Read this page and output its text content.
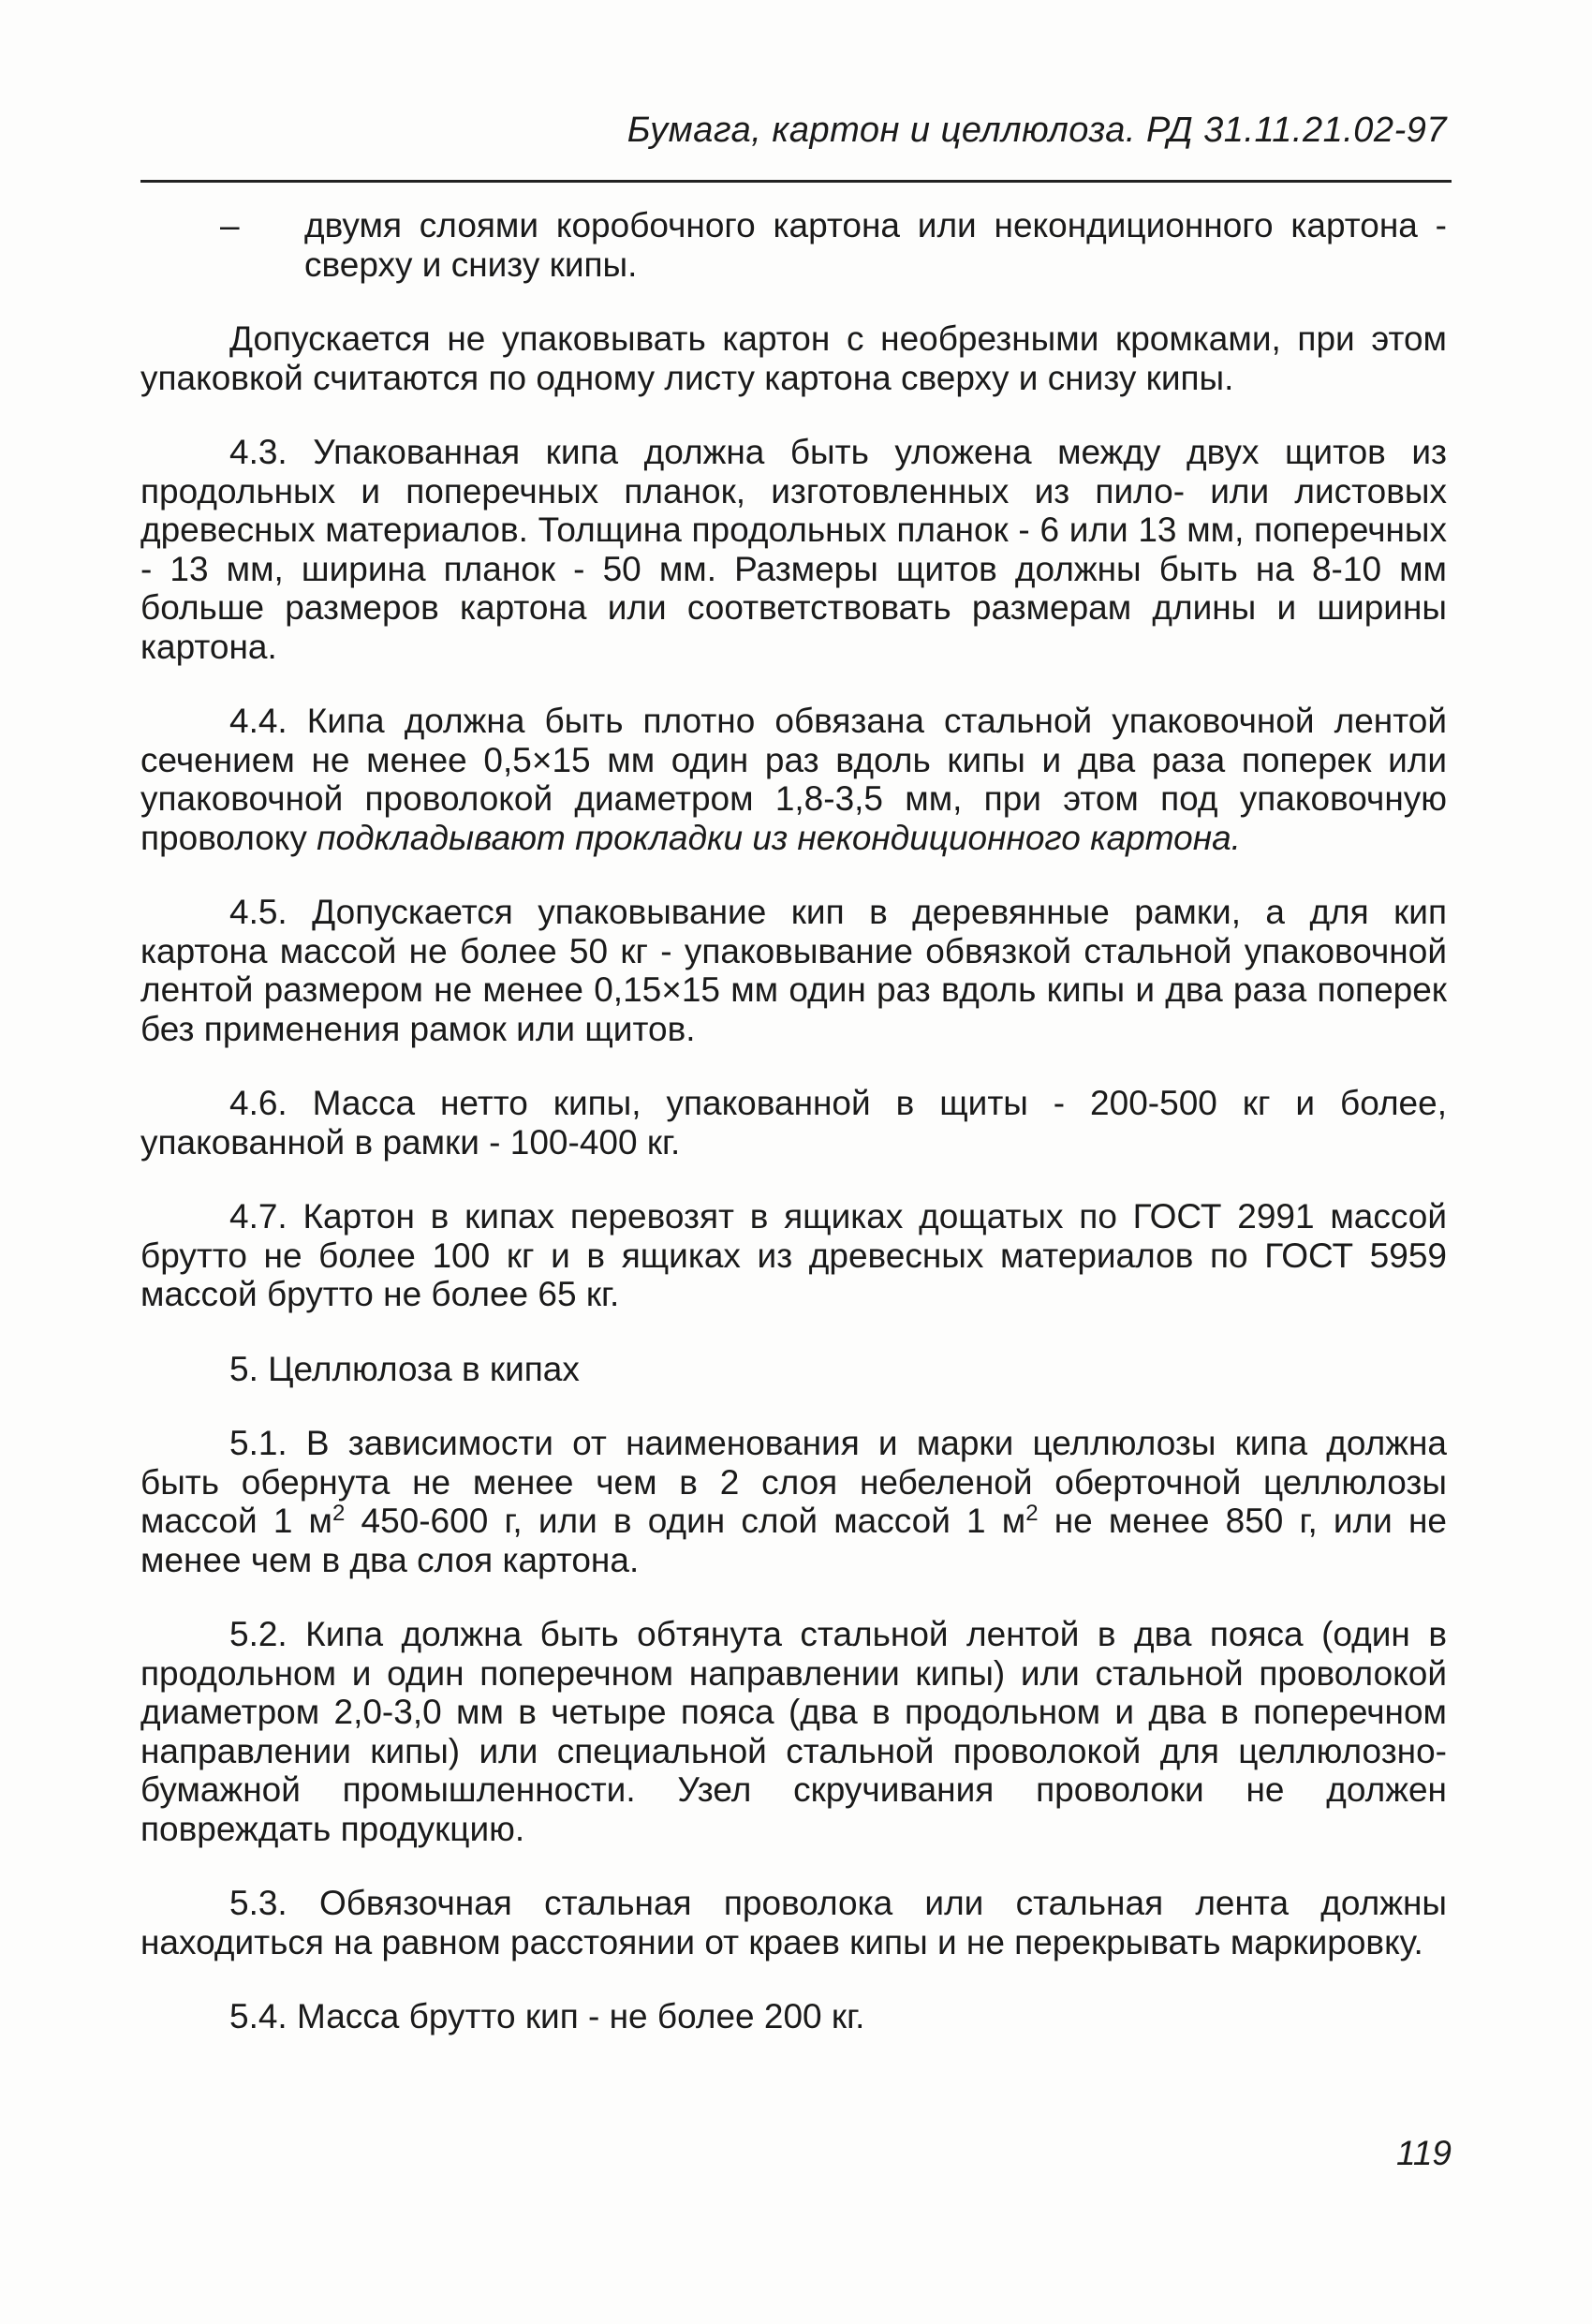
Бумага, картон и целлюлоза. РД 31.11.21.02-97
– двумя слоями коробочного картона или некондиционного картона - сверху и снизу кипы.

Допускается не упаковывать картон с необрезными кромками, при этом упаковкой считаются по одному листу картона сверху и снизу кипы.

4.3. Упакованная кипа должна быть уложена между двух щитов из продольных и поперечных планок, изготовленных из пило- или листовых древесных материалов. Толщина продольных планок - 6 или 13 мм, поперечных - 13 мм, ширина планок - 50 мм. Размеры щитов должны быть на 8-10 мм больше размеров картона или соответствовать размерам длины и ширины картона.

4.4. Кипа должна быть плотно обвязана стальной упаковочной лентой сечением не менее 0,5×15 мм один раз вдоль кипы и два раза поперек или упаковочной проволокой диаметром 1,8-3,5 мм, при этом под упаковочную проволоку подкладывают прокладки из некондиционного картона.

4.5. Допускается упаковывание кип в деревянные рамки, а для кип картона массой не более 50 кг - упаковывание обвязкой стальной упаковочной лентой размером не менее 0,15×15 мм один раз вдоль кипы и два раза поперек без применения рамок или щитов.

4.6. Масса нетто кипы, упакованной в щиты - 200-500 кг и более, упакованной в рамки - 100-400 кг.

4.7. Картон в кипах перевозят в ящиках дощатых по ГОСТ 2991 массой брутто не более 100 кг и в ящиках из древесных материалов по ГОСТ 5959 массой брутто не более 65 кг.

5. Целлюлоза в кипах

5.1. В зависимости от наименования и марки целлюлозы кипа должна быть обернута не менее чем в 2 слоя небеленой оберточной целлюлозы массой 1 $м^2$ 450-600 г, или в один слой массой 1 $м^2$ не менее 850 г, или не менее чем в два слоя картона.

5.2. Кипа должна быть обтянута стальной лентой в два пояса (один в продольном и один поперечном направлении кипы) или стальной проволокой диаметром 2,0-3,0 мм в четыре пояса (два в продольном и два в поперечном направлении кипы) или специальной стальной проволокой для целлюлозно-бумажной промышленности. Узел скручивания проволоки не должен повреждать продукцию.

5.3. Обвязочная стальная проволока или стальная лента должны находиться на равном расстоянии от краев кипы и не перекрывать маркировку.

5.4. Масса брутто кип - не более 200 кг.

119
